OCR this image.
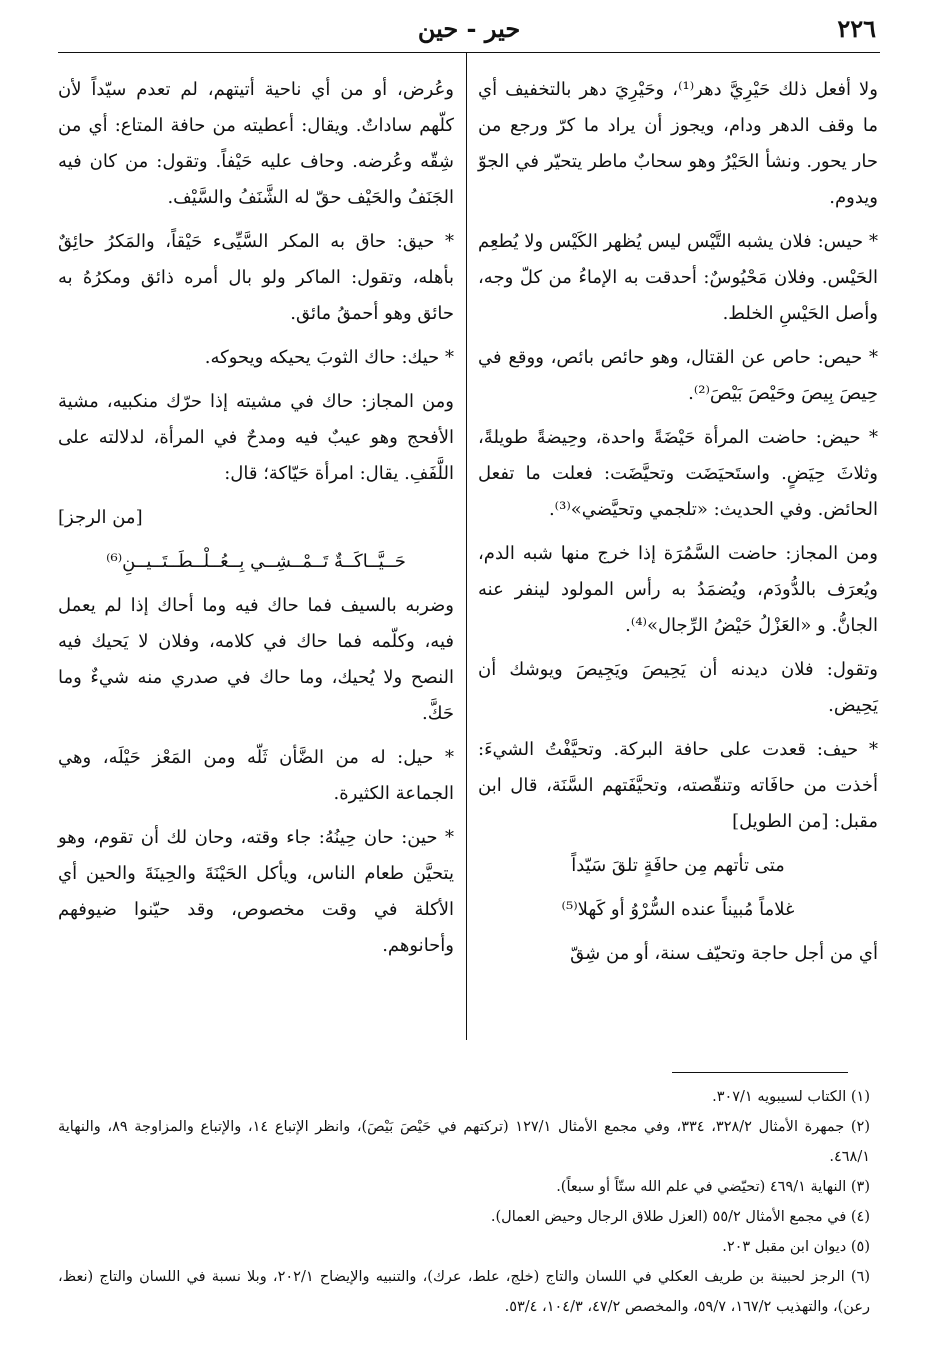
٢٢٦
حير - حين

ولا أفعل ذلك حَيْرِيَّ دهر⁽¹⁾، وحَيْرِيَ دهر بالتخفيف أي ما وقف الدهر ودام، ويجوز أن يراد ما كرّ ورجع من حار يحور. ونشأ الحَيْرُ وهو سحابٌ ماطر يتحيّر في الجوّ ويدوم.

* حيس: فلان يشبه التَّيْس ليس يُظهر الكَيْس ولا يُطعِم الحَيْس. وفلان مَحْيُوسٌ: أحدقت به الإماءُ من كلّ وجه، وأصل الحَيْسِ الخلط.

* حيص: حاص عن القتال، وهو حائص بائص، ووقع في حِيصَ بِيصَ وحَيْصَ بَيْصَ⁽²⁾.

* حيض: حاضت المرأة حَيْضَةً واحدة، وحِيضةً طويلةً، وثلاثَ حِيَضٍ. واستَحيَضَت وتحيَّضَت: فعلت ما تفعل الحائض. وفي الحديث: «تلجمي وتحيَّضي»⁽³⁾.

ومن المجاز: حاضت السَّمُرَة إذا خرج منها شبه الدم، ويُعرَف بالدُّودَم، ويُضمَدُ به رأس المولود لينفر عنه الجانُّ. و «العَزْلُ حَيْضُ الرِّجال»⁽⁴⁾.

وتقول: فلان ديدنه أن يَحِيصَ ويَجِيصَ ويوشك أن يَحِيض.

* حيف: قعدت على حافة البركة. وتحيَّفْتُ الشيءَ: أخذت من حافَاته وتنقّصته، وتحيَّفَتهم السَّنَة، قال ابن مقبل: [من الطويل]

متى تأتهم مِن حافَةٍ تلقَ سَيّداً

غلاماً مُبيناً عنده السُّرْوُ أو كَهلا⁽⁵⁾

أي من أجل حاجة وتحيّف سنة، أو من شِقّ

وعُرض، أو من أي ناحية أتيتهم، لم تعدم سيّداً لأن كلّهم ساداتٌ. ويقال: أعطيته من حافة المتاع: أي من شِقّه وعُرضه. وحاف عليه حَيْفاً. وتقول: من كان فيه الجَنَفُ والحَيْف حقّ له الشَّنَفُ والسَّيْف.

* حيق: حاق به المكر السَّيِّىء حَيْقاً، والمَكرُ حائِقٌ بأهله، وتقول: الماكر ولو بال أمره ذائق ومكرُهُ به حائق وهو أحمقُ مائق.

* حيك: حاك الثوبَ يحيكه ويحوكه.

ومن المجاز: حاك في مشيته إذا حرّك منكبيه، مشية الأفحج وهو عيبٌ فيه ومدحٌ في المرأة، لدلالته على اللَّفَفِ. يقال: امرأة حَيّاكة؛ قال:

[من الرجز]

حَــيَّــاكَــةٌ تَــمْــشِــي بِــعُــلْــطَــتَــيــنِ⁽⁶⁾

وضربه بالسيف فما حاك فيه وما أحاك إذا لم يعمل فيه، وكلّمه فما حاك في كلامه، وفلان لا يَحيك فيه النصح ولا يُحيك، وما حاك في صدري منه شيءٌ وما حَكَّ.

* حيل: له من الضَّأن ثَلّه ومن المَعْز حَيْلَه، وهي الجماعة الكثيرة.

* حين: حان حِينُهُ: جاء وقته، وحان لك أن تقوم، وهو يتحيَّن طعام الناس، ويأكل الحَيْنَةَ والحِينَةَ والحين أي الأكلة في وقت مخصوص، وقد حيّنوا ضيوفهم وأحانوهم.

(١) الكتاب لسيبويه ٣٠٧/١.

(٢) جمهرة الأمثال ٣٢٨/٢، ٣٣٤، وفي مجمع الأمثال ١٢٧/١ (تركتهم في حَيْصَ بَيْصَ)، وانظر الإتباع ١٤، والإتباع والمزاوجة ٨٩، والنهاية ٤٦٨/١.

(٣) النهاية ٤٦٩/١ (تحيّضي في علم الله ستّاً أو سبعاً).

(٤) في مجمع الأمثال ٥٥/٢ (العزل طلاق الرجال وحيض العمال).

(٥) ديوان ابن مقبل ٢٠٣.

(٦) الرجز لحبينة بن طريف العكلي في اللسان والتاج (خلج، علط، عرك)، والتنبيه والإيضاح ٢٠٢/١، وبلا نسبة في اللسان والتاج (نعظ، رعن)، والتهذيب ١٦٧/٢، ٥٩/٧، والمخصص ٤٧/٢، ١٠٤/٣، ٥٣/٤.
